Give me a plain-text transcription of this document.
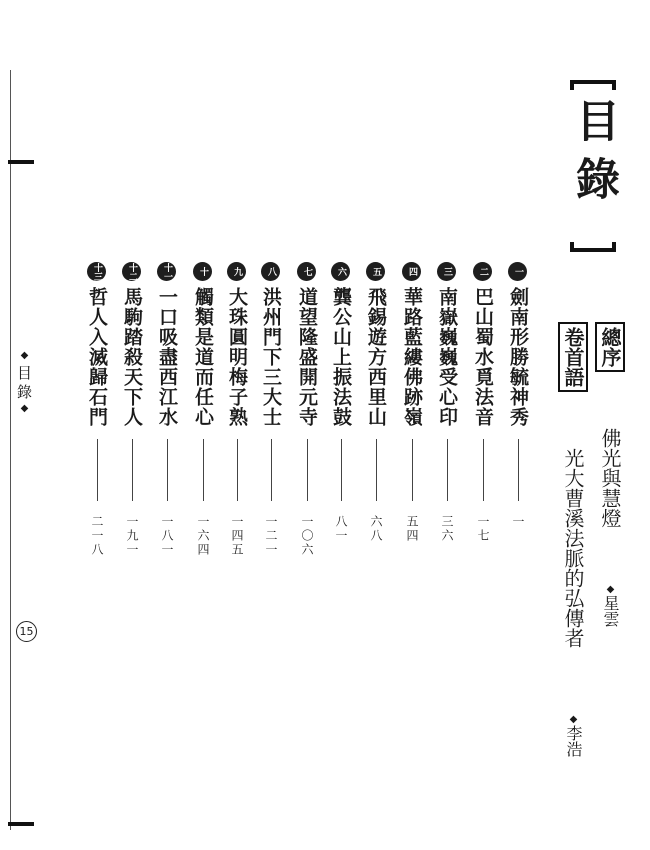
◆目錄◆
15
目錄
總序  佛光與慧燈  ◆星雲
卷首語  光大曹溪法脈的弘傳者  ◆李浩
一劍南形勝毓神秀一
二巴山蜀水覓法音一七
三南嶽巍巍受心印三六
四華路藍縷佛跡嶺五四
五飛錫遊方西里山六八
六龔公山上振法鼓八一
七道望隆盛開元寺一〇六
八洪州門下三大士一二一
九大珠圓明梅子熟一四五
十觸類是道而任心一六四
十一一口吸盡西江水一八一
十二馬駒踏殺天下人一九一
十三哲人入滅歸石門二一八
